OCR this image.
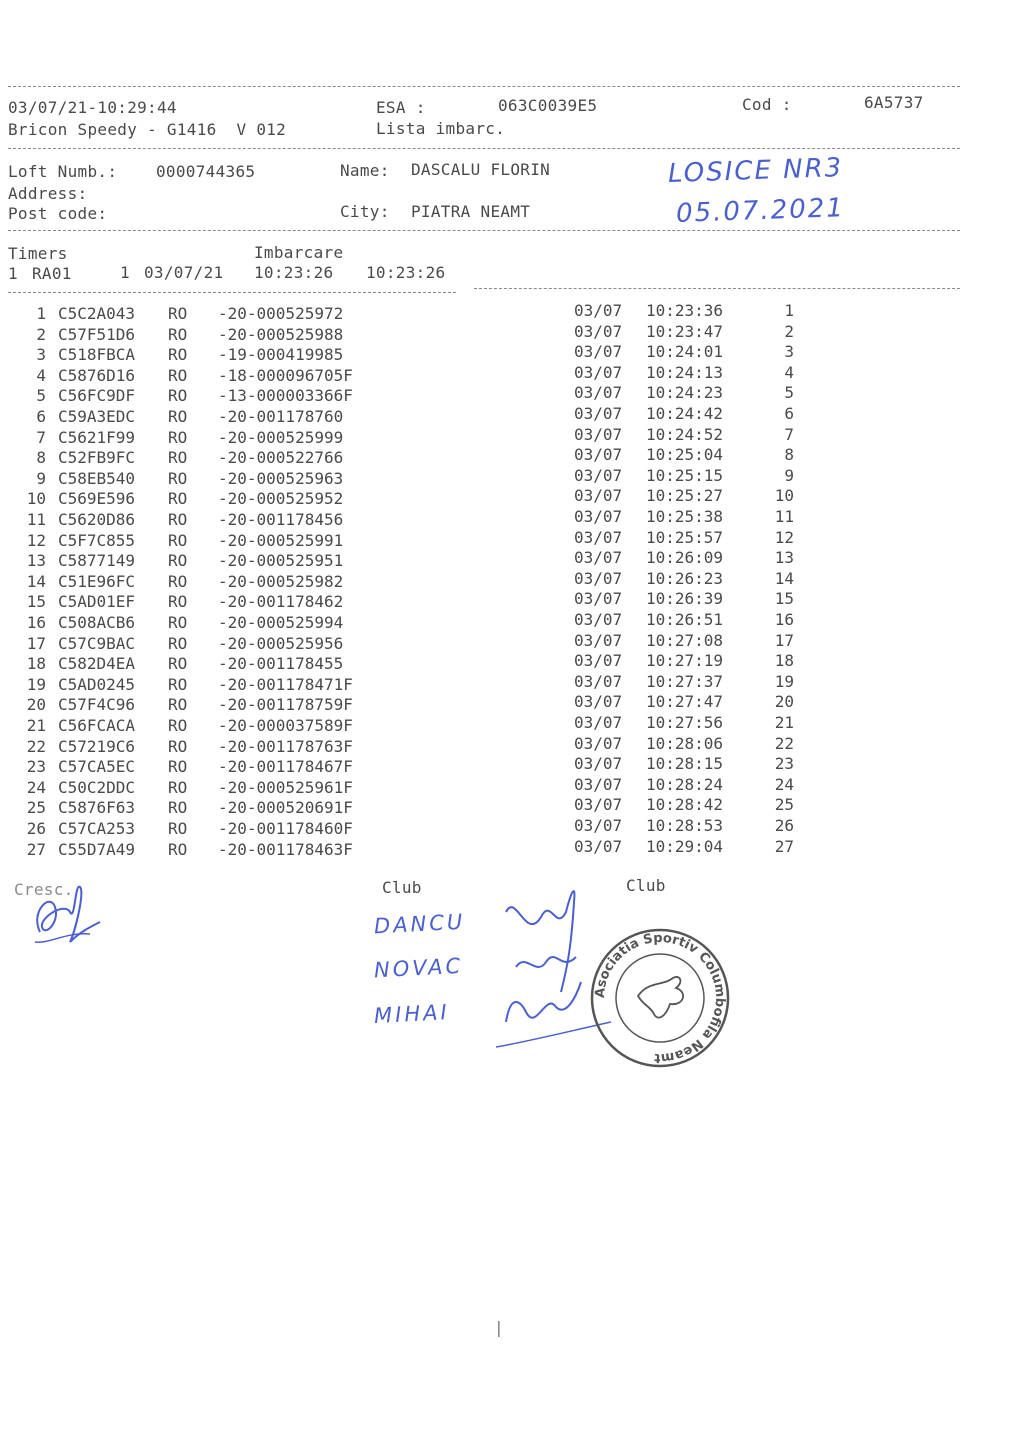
03/07/21-10:29:44	ESA :	063C0039E5	Cod :	6A5737
Bricon Speedy - G1416  V 012	Lista imbarc.
Loft Numb.: 0000744365	Name: DASCALU FLORIN
Address:
Post code:	City: PIATRA NEAMT
LOSICE NR3
05.07.2021
Timers	Imbarcare
1 RA01	1 03/07/21 10:23:26 10:23:26
1 C5C2A043 RO -20-000525972	03/07 10:23:36	1
2 C57F51D6 RO -20-000525988	03/07 10:23:47	2
3 C518FBCA RO -19-000419985	03/07 10:24:01	3
4 C5876D16 RO -18-000096705F	03/07 10:24:13	4
5 C56FC9DF RO -13-000003366F	03/07 10:24:23	5
6 C59A3EDC RO -20-001178760	03/07 10:24:42	6
7 C5621F99 RO -20-000525999	03/07 10:24:52	7
8 C52FB9FC RO -20-000522766	03/07 10:25:04	8
9 C58EB540 RO -20-000525963	03/07 10:25:15	9
10 C569E596 RO -20-000525952	03/07 10:25:27	10
11 C5620D86 RO -20-001178456	03/07 10:25:38	11
12 C5F7C855 RO -20-000525991	03/07 10:25:57	12
13 C5877149 RO -20-000525951	03/07 10:26:09	13
14 C51E96FC RO -20-000525982	03/07 10:26:23	14
15 C5AD01EF RO -20-001178462	03/07 10:26:39	15
16 C508ACB6 RO -20-000525994	03/07 10:26:51	16
17 C57C9BAC RO -20-000525956	03/07 10:27:08	17
18 C582D4EA RO -20-001178455	03/07 10:27:19	18
19 C5AD0245 RO -20-001178471F	03/07 10:27:37	19
20 C57F4C96 RO -20-001178759F	03/07 10:27:47	20
21 C56FCACA RO -20-000037589F	03/07 10:27:56	21
22 C57219C6 RO -20-001178763F	03/07 10:28:06	22
23 C57CA5EC RO -20-001178467F	03/07 10:28:15	23
24 C50C2DDC RO -20-000525961F	03/07 10:28:24	24
25 C5876F63 RO -20-000520691F	03/07 10:28:42	25
26 C57CA253 RO -20-001178460F	03/07 10:28:53	26
27 C55D7A49 RO -20-001178463F	03/07 10:29:04	27
Cresc.	Club	Club
DANCU
NOVAC
MIHAI
Asociatia Sportiv Columbofila Neamt
|
